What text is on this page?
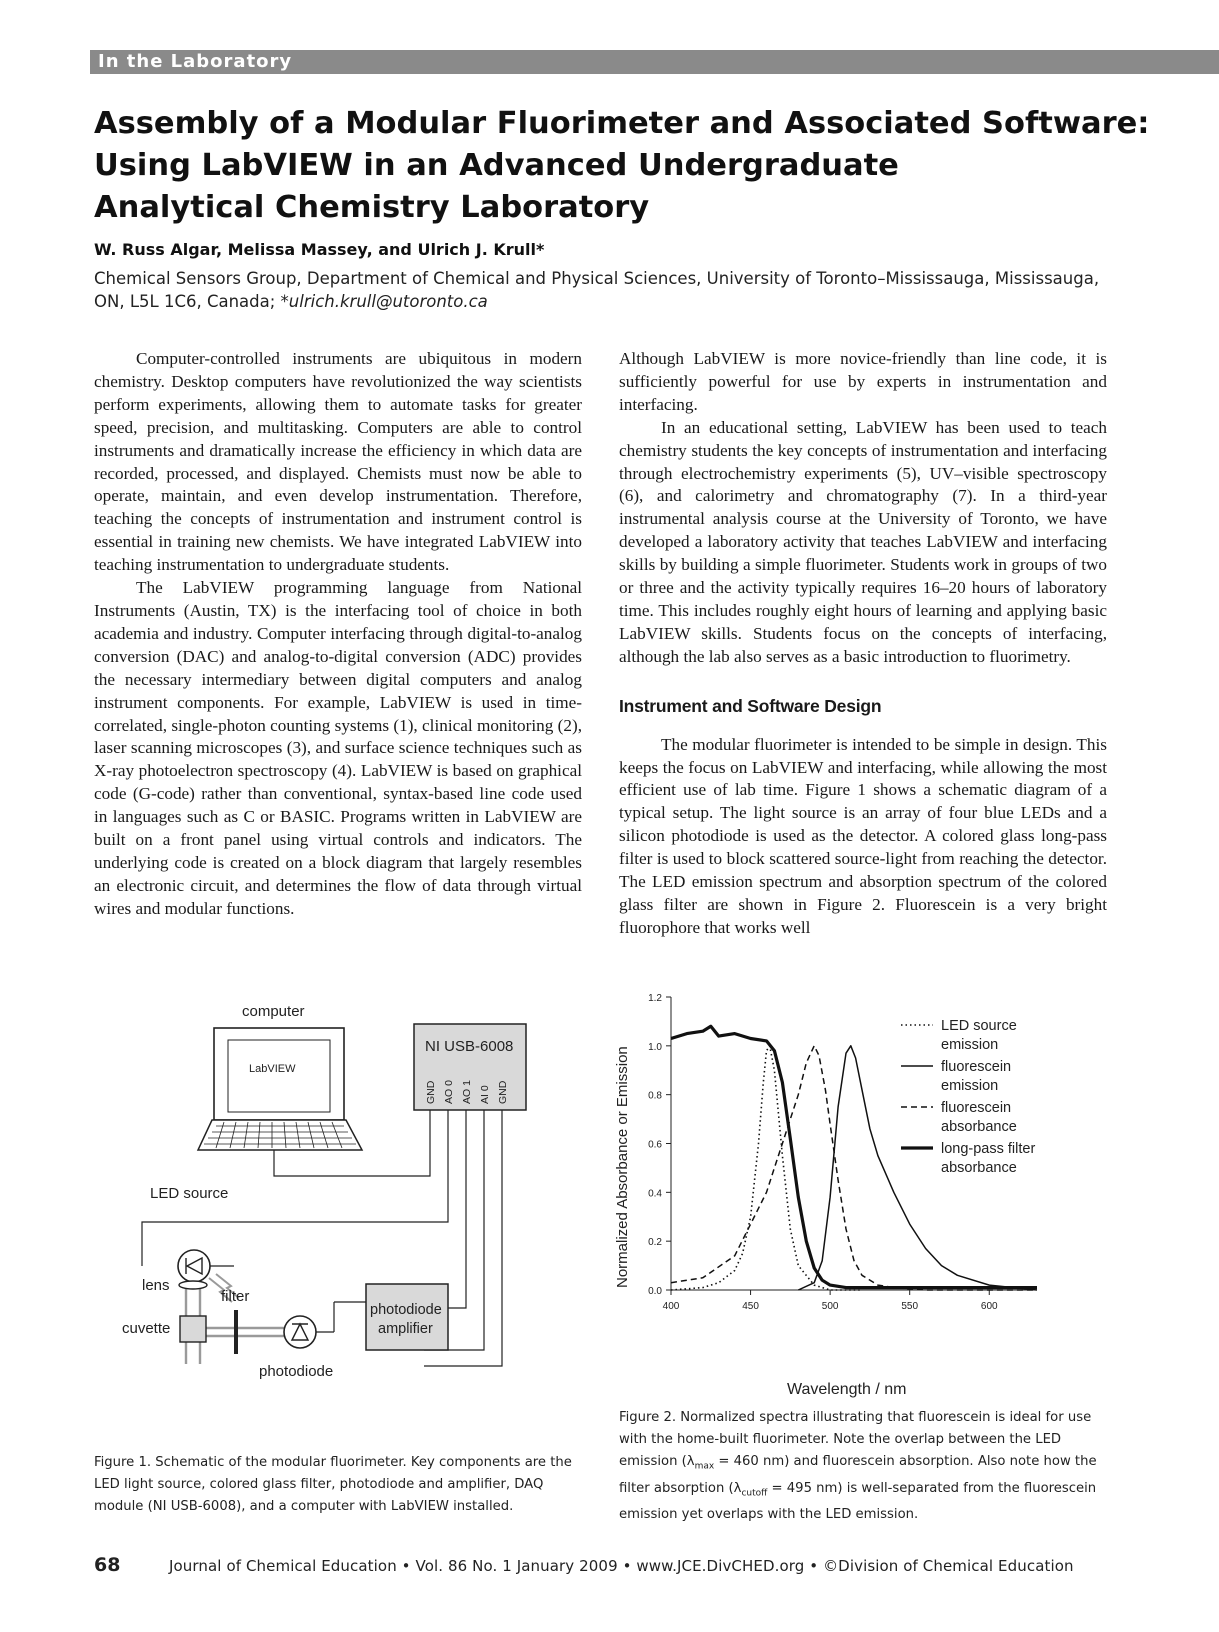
In the Laboratory
Assembly of a Modular Fluorimeter and Associated Software:
Using LabVIEW in an Advanced Undergraduate
Analytical Chemistry Laboratory
W. Russ Algar, Melissa Massey, and Ulrich J. Krull*
Chemical Sensors Group, Department of Chemical and Physical Sciences, University of Toronto–Mississauga, Mississauga,
ON, L5L 1C6, Canada; *ulrich.krull@utoronto.ca

Computer-controlled instruments are ubiquitous in modern chemistry. Desktop computers have revolutionized the way scientists perform experiments, allowing them to automate tasks for greater speed, precision, and multitasking. Computers are able to control instruments and dramatically increase the efficiency in which data are recorded, processed, and displayed. Chemists must now be able to operate, maintain, and even develop instrumentation. Therefore, teaching the concepts of instrumentation and instrument control is essential in training new chemists. We have integrated LabVIEW into teaching instrumentation to undergraduate students.

The LabVIEW programming language from National Instruments (Austin, TX) is the interfacing tool of choice in both academia and industry. Computer interfacing through digital-to-analog conversion (DAC) and analog-to-digital conversion (ADC) provides the necessary intermediary between digital computers and analog instrument components. For example, LabVIEW is used in time-correlated, single-photon counting systems (1), clinical monitoring (2), laser scanning microscopes (3), and surface science techniques such as X-ray photoelectron spectroscopy (4). LabVIEW is based on graphical code (G-code) rather than conventional, syntax-based line code used in languages such as C or BASIC. Programs written in LabVIEW are built on a front panel using virtual controls and indicators. The underlying code is created on a block diagram that largely resembles an electronic circuit, and determines the flow of data through virtual wires and modular functions.

Although LabVIEW is more novice-friendly than line code, it is sufficiently powerful for use by experts in instrumentation and interfacing.

In an educational setting, LabVIEW has been used to teach chemistry students the key concepts of instrumentation and interfacing through electrochemistry experiments (5), UV–visible spectroscopy (6), and calorimetry and chromatography (7). In a third-year instrumental analysis course at the University of Toronto, we have developed a laboratory activity that teaches LabVIEW and interfacing skills by building a simple fluorimeter. Students work in groups of two or three and the activity typically requires 16–20 hours of laboratory time. This includes roughly eight hours of learning and applying basic LabVIEW skills. Students focus on the concepts of interfacing, although the lab also serves as a basic introduction to fluorimetry.

Instrument and Software Design

The modular fluorimeter is intended to be simple in design. This keeps the focus on LabVIEW and interfacing, while allowing the most efficient use of lab time. Figure 1 shows a schematic diagram of a typical setup. The light source is an array of four blue LEDs and a silicon photodiode is used as the detector. A colored glass long-pass filter is used to block scattered source-light from reaching the detector. The LED emission spectrum and absorption spectrum of the colored glass filter are shown in Figure 2. Fluorescein is a very bright fluorophore that works well

computer
LabVIEW
NI USB-6008
GND AO 0 AO 1 AI 0 GND
LED source
lens
filter
cuvette
photodiode
photodiode
amplifier
0.0
0.2
0.4
0.6
0.8
1.0
1.2
400	450	500	550	600
LED source
emission
fluorescein
emission
fluorescein
absorbance
long-pass filter
absorbance
Wavelength / nm
Normalized Absorbance or Emission
Figure 1. Schematic of the modular fluorimeter. Key components are the LED light source, colored glass filter, photodiode and amplifier, DAQ module (NI USB-6008), and a computer with LabVIEW installed.
Figure 2. Normalized spectra illustrating that fluorescein is ideal for use with the home-built fluorimeter. Note the overlap between the LED emission ($\lambda_{max} = 460$ nm) and fluorescein absorption. Also note how the filter absorption ($\lambda_{cutoff} = 495$ nm) is well-separated from the fluorescein emission yet overlaps with the LED emission.
68	Journal of Chemical Education • Vol. 86 No. 1 January 2009 • www.JCE.DivCHED.org • ©Division of Chemical Education
